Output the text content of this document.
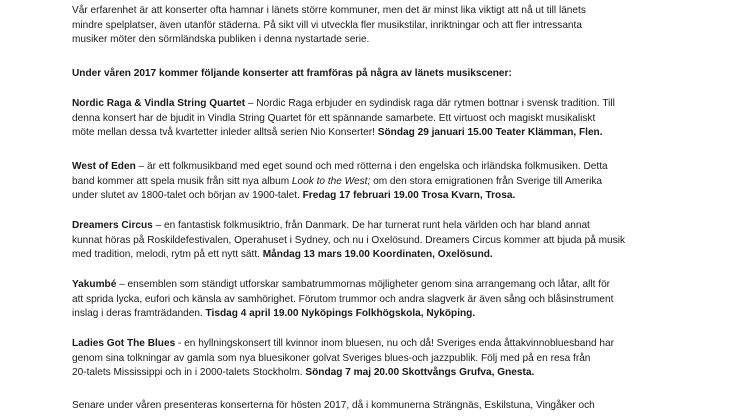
Vår erfarenhet är att konserter ofta hamnar i länets större kommuner, men det är minst lika viktigt att nå ut till länets
mindre spelplatser, även utanför städerna. På sikt vill vi utveckla fler musikstilar, inriktningar och att fler intressanta
musiker möter den sörmländska publiken i denna nystartade serie.
Under våren 2017 kommer följande konserter att framföras på några av länets musikscener:
Nordic Raga & Vindla String Quartet – Nordic Raga erbjuder en sydindisk raga där rytmen bottnar i svensk tradition. Till
denna konsert har de bjudit in Vindla String Quartet för ett spännande samarbete. Ett virtuost och magiskt musikaliskt
möte mellan dessa två kvartetter inleder alltså serien Nio Konserter! Söndag 29 januari 15.00 Teater Klämman, Flen.
West of Eden – är ett folkmusikband med eget sound och med rötterna i den engelska och irländska folkmusiken. Detta
band kommer att spela musik från sitt nya album Look to the West; om den stora emigrationen från Sverige till Amerika
under slutet av 1800-talet och början av 1900-talet. Fredag 17 februari 19.00 Trosa Kvarn, Trosa.
Dreamers Circus – en fantastisk folkmusiktrio, från Danmark. De har turnerat runt hela världen och har bland annat
kunnat höras på Roskildefestivalen, Operahuset i Sydney, och nu i Oxelösund. Dreamers Circus kommer att bjuda på musik
med tradition, melodi, rytm på ett nytt sätt. Måndag 13 mars 19.00 Koordinaten, Oxelösund.
Yakumbé – ensemblen som ständigt utforskar sambatrummornas möjligheter genom sina arrangemang och låtar, allt för
att sprida lycka, eufori och känsla av samhörighet. Förutom trummor och andra slagverk är även sång och blåsinstrument
inslag i deras framträdanden. Tisdag 4 april 19.00 Nyköpings Folkhögskola, Nyköping.
Ladies Got The Blues - en hyllningskonsert till kvinnor inom bluesen, nu och då! Sveriges enda åttakvinnobluesband har
genom sina tolkningar av gamla som nya bluesikoner golvat Sveriges blues-och jazzpublik. Följ med på en resa från
20-talets Mississippi och in i 2000-talets Stockholm. Söndag 7 maj 20.00 Skottvångs Grufva, Gnesta.
Senare under våren presenteras konserterna för hösten 2017, då i kommunerna Strängnäs, Eskilstuna, Vingåker och
